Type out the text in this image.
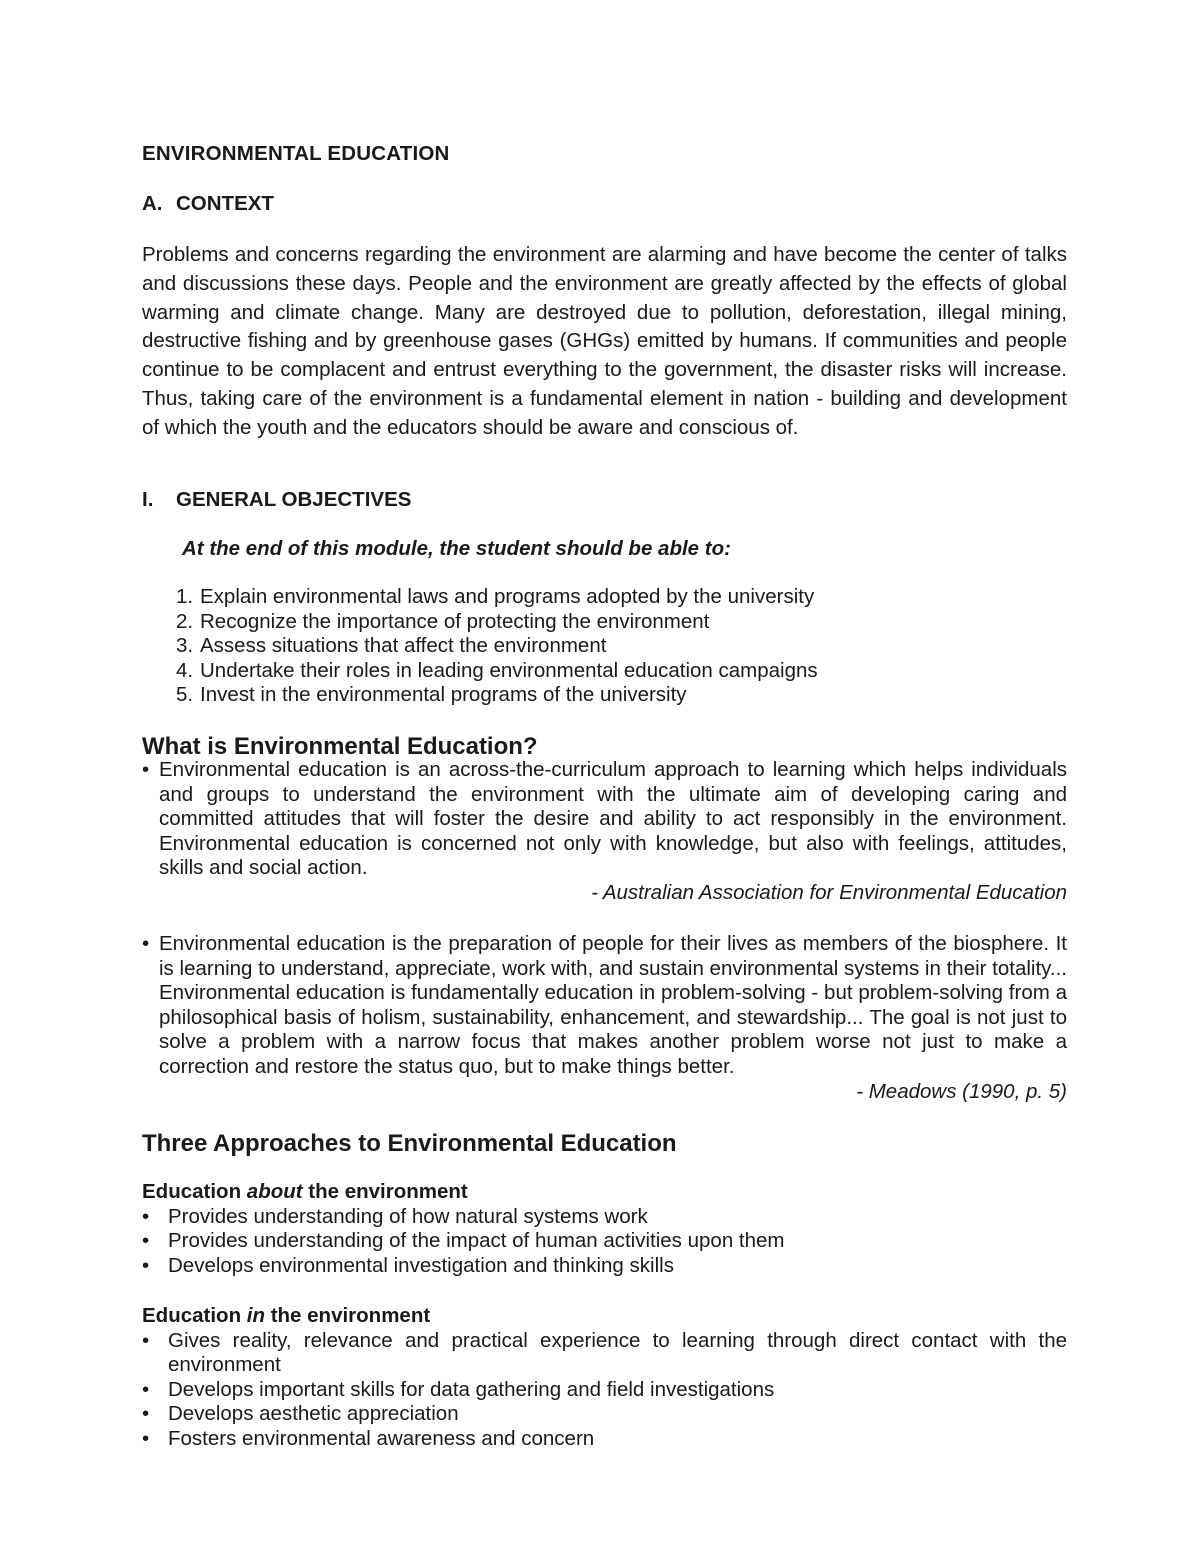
ENVIRONMENTAL EDUCATION
A. CONTEXT

Problems and concerns regarding the environment are alarming and have become the center of talks and discussions these days. People and the environment are greatly affected by the effects of global warming and climate change. Many are destroyed due to pollution, deforestation, illegal mining, destructive fishing and by greenhouse gases (GHGs) emitted by humans. If communities and people continue to be complacent and entrust everything to the government, the disaster risks will increase. Thus, taking care of the environment is a fundamental element in nation - building and development of which the youth and the educators should be aware and conscious of.

I.	GENERAL OBJECTIVES

At the end of this module, the student should be able to:

1. Explain environmental laws and programs adopted by the university
2. Recognize the importance of protecting the environment
3. Assess situations that affect the environment
4. Undertake their roles in leading environmental education campaigns
5. Invest in the environmental programs of the university
What is Environmental Education?
• Environmental education is an across-the-curriculum approach to learning which helps individuals and groups to understand the environment with the ultimate aim of developing caring and committed attitudes that will foster the desire and ability to act responsibly in the environment. Environmental education is concerned not only with knowledge, but also with feelings, attitudes, skills and social action.
- Australian Association for Environmental Education
• Environmental education is the preparation of people for their lives as members of the biosphere. It is learning to understand, appreciate, work with, and sustain environmental systems in their totality... Environmental education is fundamentally education in problem-solving - but problem-solving from a philosophical basis of holism, sustainability, enhancement, and stewardship... The goal is not just to solve a problem with a narrow focus that makes another problem worse not just to make a correction and restore the status quo, but to make things better.
- Meadows (1990, p. 5)
Three Approaches to Environmental Education
Education about the environment
• Provides understanding of how natural systems work
• Provides understanding of the impact of human activities upon them
• Develops environmental investigation and thinking skills
Education in the environment
• Gives reality, relevance and practical experience to learning through direct contact with the environment
• Develops important skills for data gathering and field investigations
• Develops aesthetic appreciation
• Fosters environmental awareness and concern
